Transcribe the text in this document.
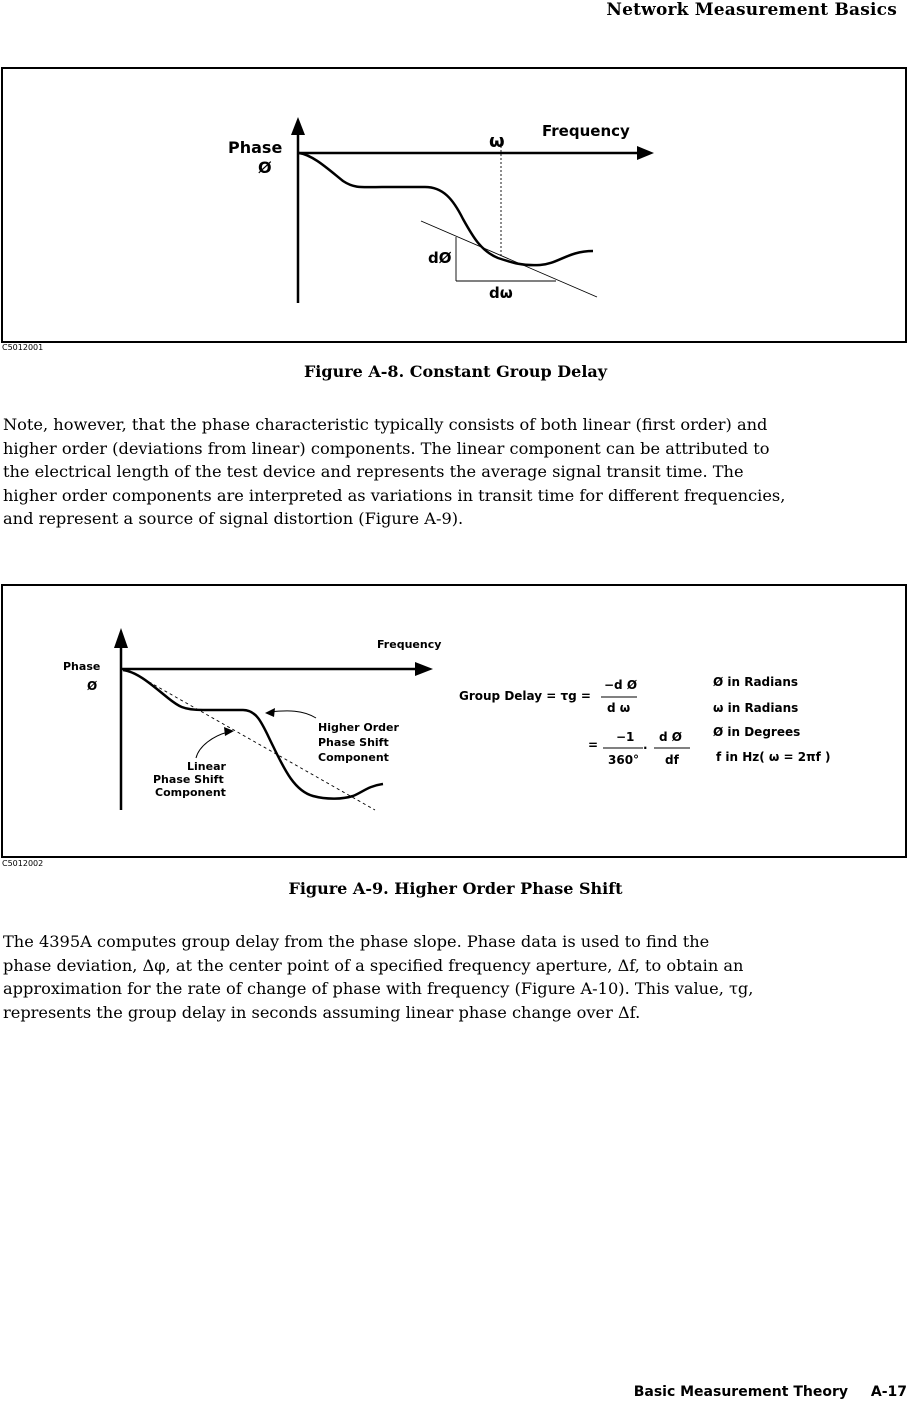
Network Measurement Basics
Phase
Ø
Frequency
ω
dØ
dω
C5012001
Figure A-8. Constant Group Delay

Note, however, that the phase characteristic typically consists of both linear (first order) and
higher order (deviations from linear) components. The linear component can be attributed to
the electrical length of the test device and represents the average signal transit time. The
higher order components are interpreted as variations in transit time for different frequencies,
and represent a source of signal distortion (Figure A-9).

Phase
Ø
Frequency
Higher Order
Phase Shift
Component
Linear
Phase Shift
Component
Group Delay = τg =
−d Ø
d ω
=
−1
360°
·
d Ø
df
Ø in Radians
ω in Radians
Ø in Degrees
f in Hz( ω = 2πf )
C5012002
Figure A-9. Higher Order Phase Shift

The 4395A computes group delay from the phase slope. Phase data is used to find the
phase deviation, Δφ, at the center point of a specified frequency aperture, Δf, to obtain an
approximation for the rate of change of phase with frequency (Figure A-10). This value, τg,
represents the group delay in seconds assuming linear phase change over Δf.

Basic Measurement Theory A-17
